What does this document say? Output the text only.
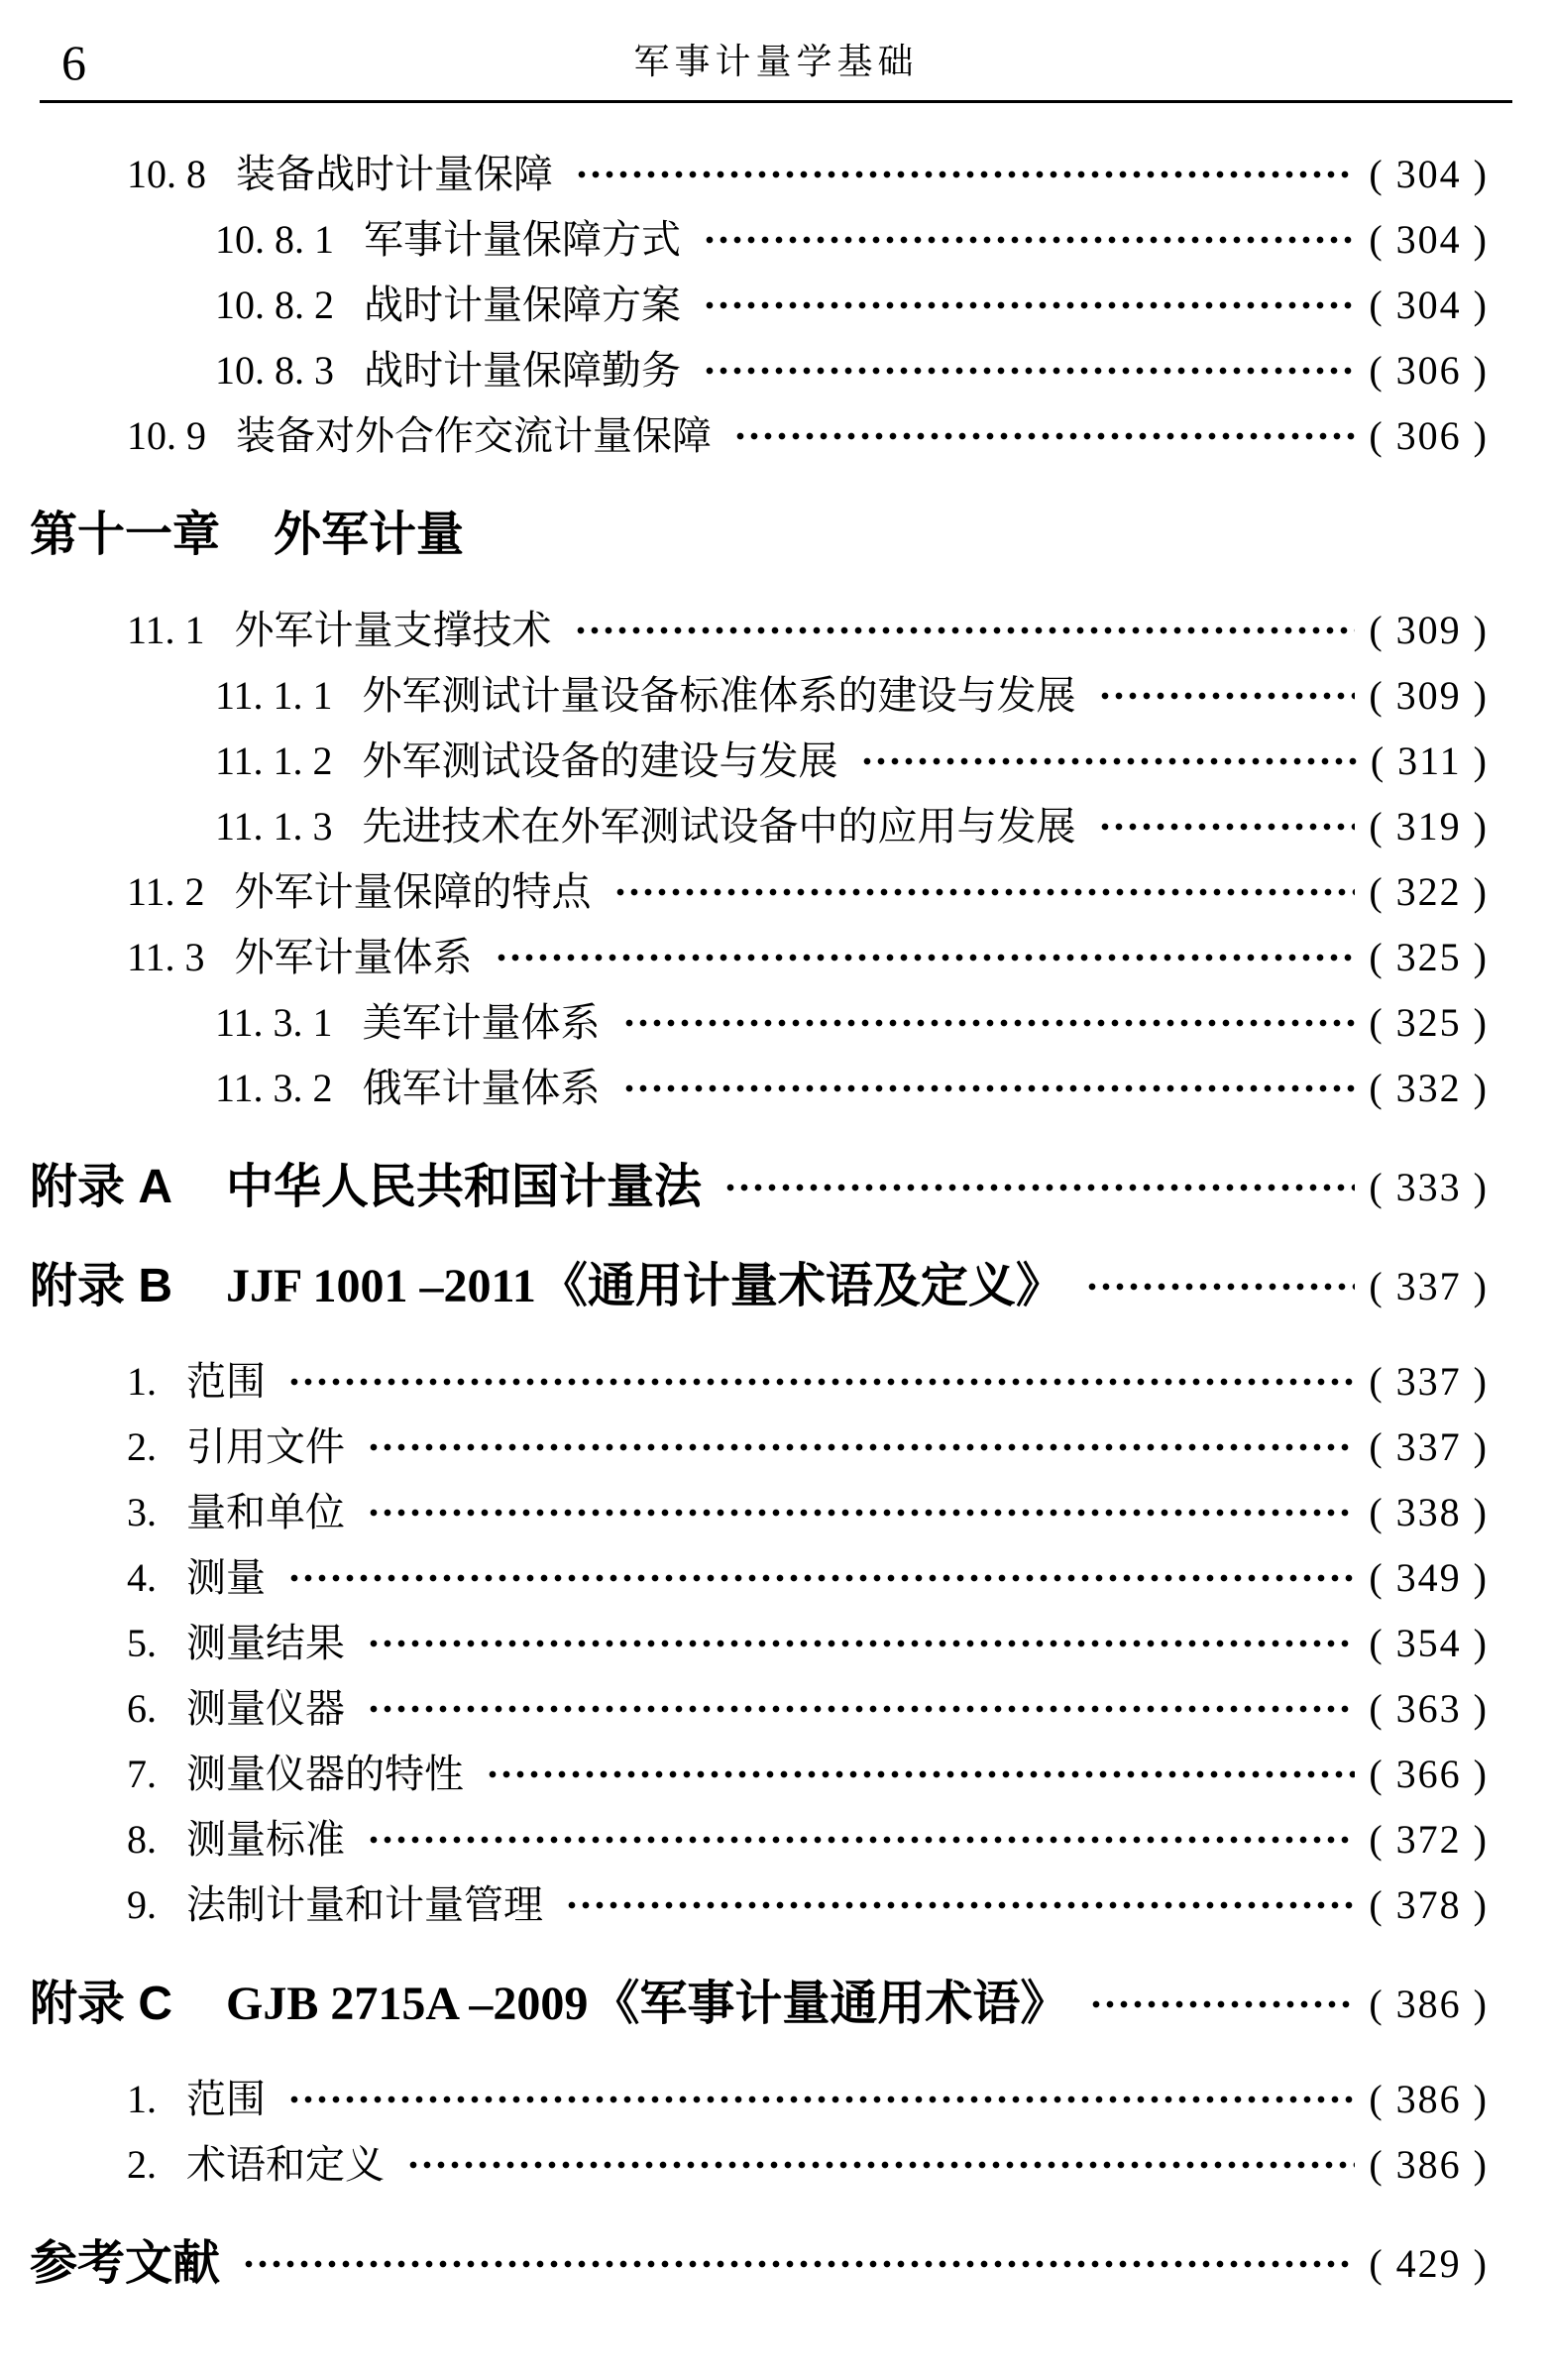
6	军事计量学基础
10. 8 装备战时计量保障	( 304 )
10. 8. 1 军事计量保障方式	( 304 )
10. 8. 2 战时计量保障方案	( 304 )
10. 8. 3 战时计量保障勤务	( 306 )
10. 9 装备对外合作交流计量保障	( 306 )
第十一章 外军计量
11. 1 外军计量支撑技术	( 309 )
11. 1. 1 外军测试计量设备标准体系的建设与发展	( 309 )
11. 1. 2 外军测试设备的建设与发展	( 311 )
11. 1. 3 先进技术在外军测试设备中的应用与发展	( 319 )
11. 2 外军计量保障的特点	( 322 )
11. 3 外军计量体系	( 325 )
11. 3. 1 美军计量体系	( 325 )
11. 3. 2 俄军计量体系	( 332 )
附录 A 中华人民共和国计量法	( 333 )
附录 B JJF 1001 –2011 《通用计量术语及定义》	( 337 )
1. 范围	( 337 )
2. 引用文件	( 337 )
3. 量和单位	( 338 )
4. 测量	( 349 )
5. 测量结果	( 354 )
6. 测量仪器	( 363 )
7. 测量仪器的特性	( 366 )
8. 测量标准	( 372 )
9. 法制计量和计量管理	( 378 )
附录 C GJB 2715A –2009 《军事计量通用术语》	( 386 )
1. 范围	( 386 )
2. 术语和定义	( 386 )
参考文献	( 429 )
